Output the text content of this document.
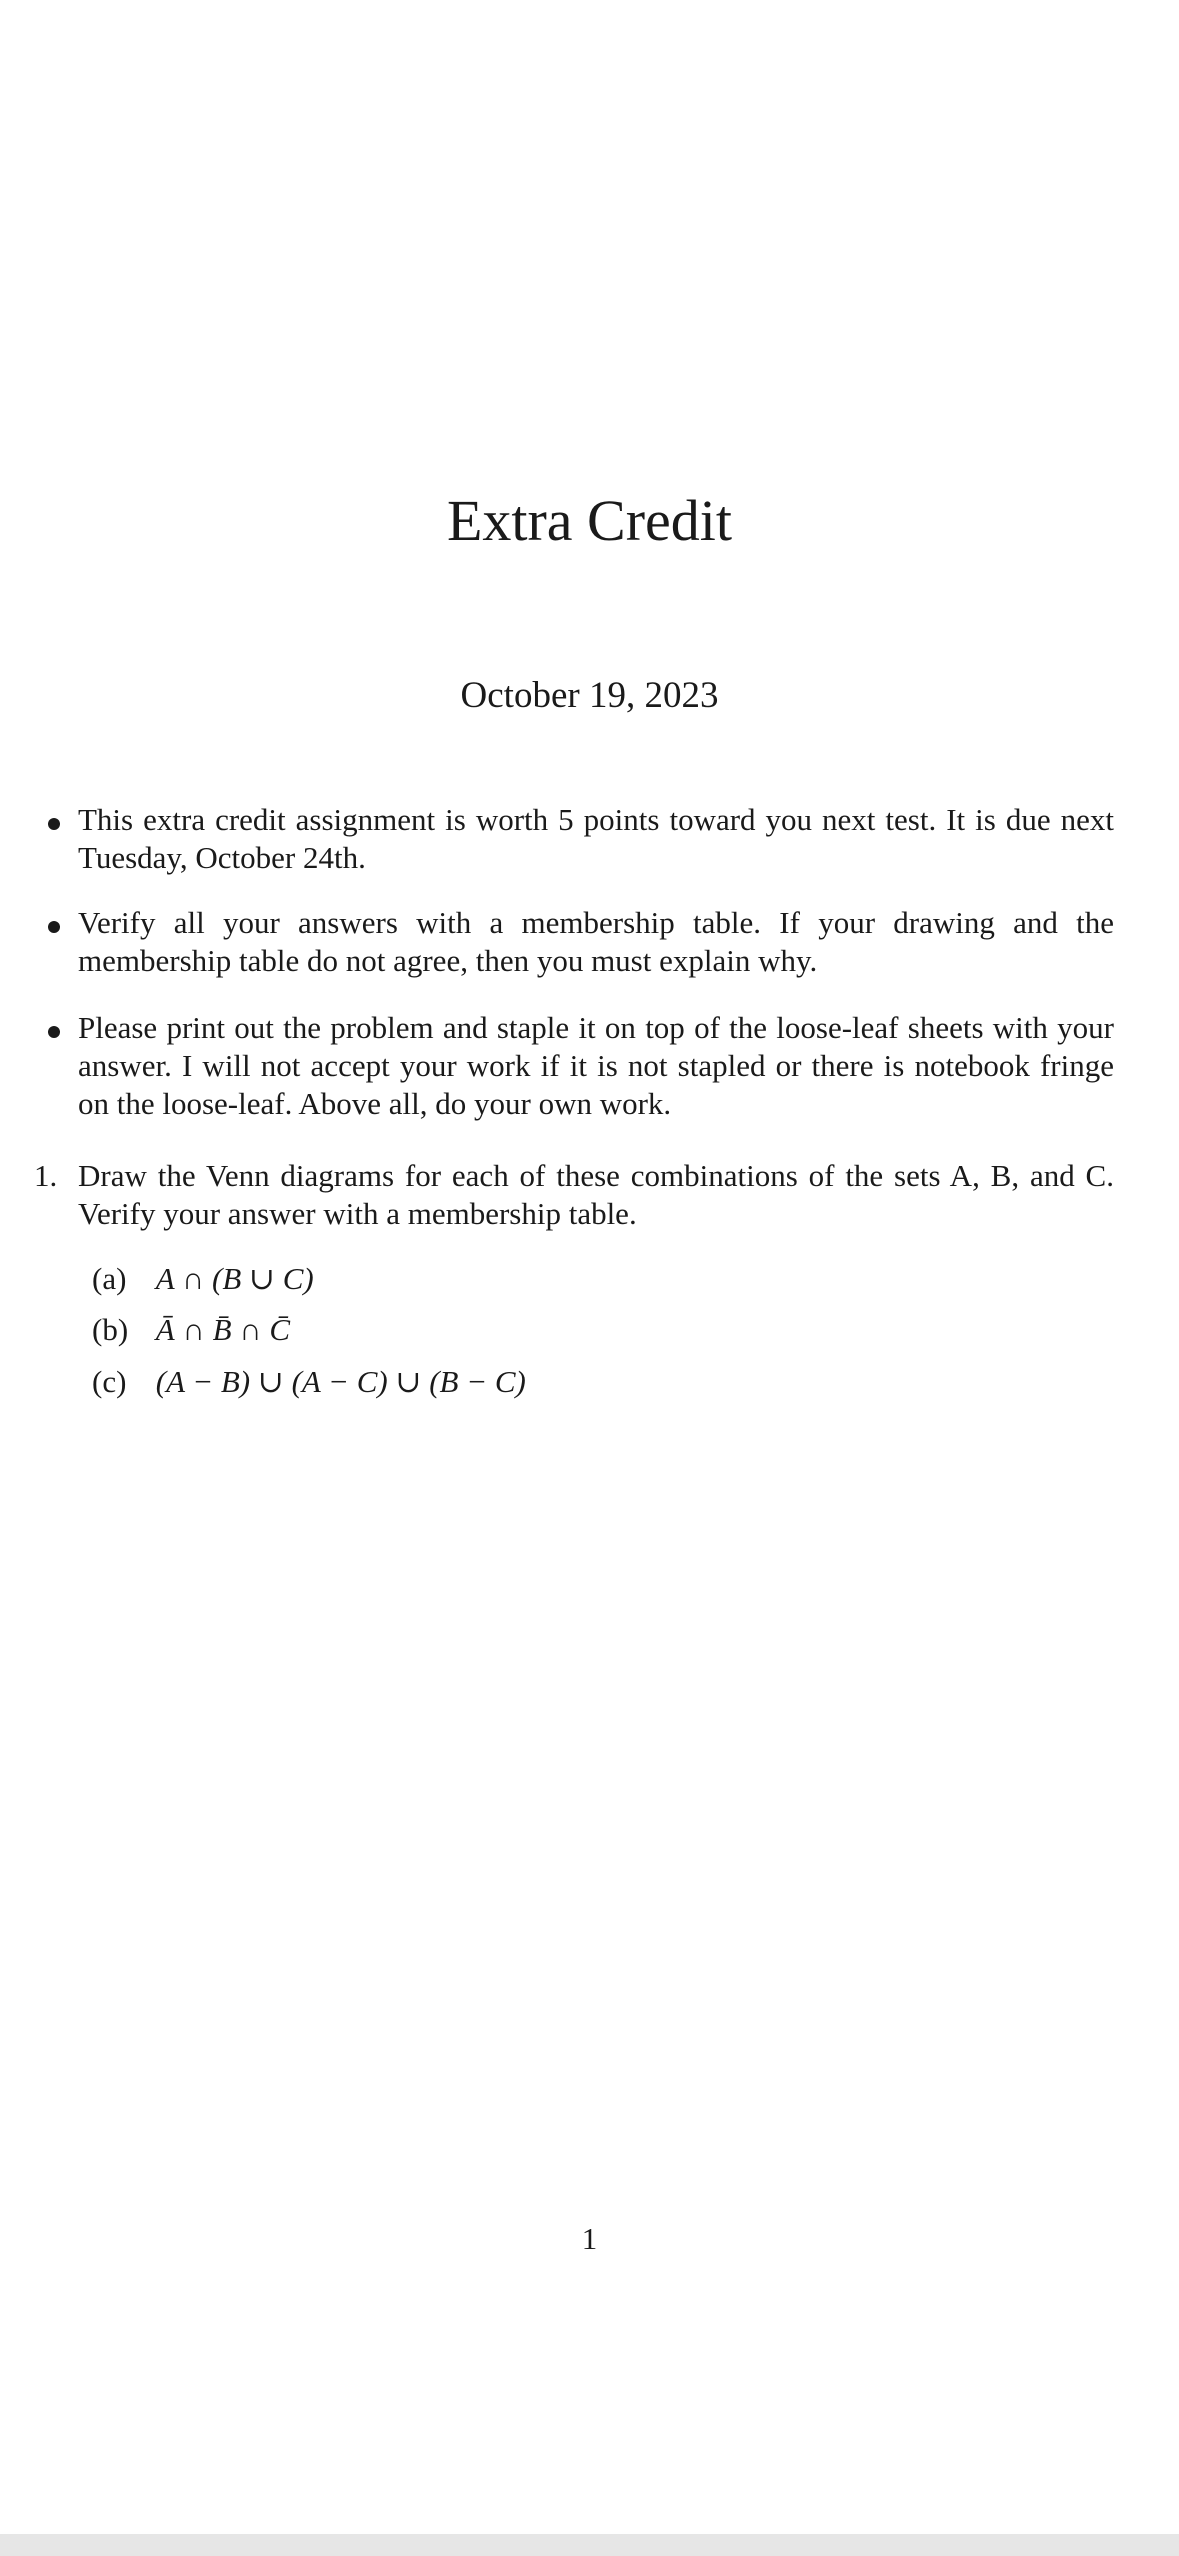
Extra Credit
October 19, 2023
This extra credit assignment is worth 5 points toward you next test. It is due next Tuesday, October 24th.
Verify all your answers with a membership table. If your drawing and the membership table do not agree, then you must explain why.
Please print out the problem and staple it on top of the loose-leaf sheets with your answer. I will not accept your work if it is not stapled or there is notebook fringe on the loose-leaf. Above all, do your own work.
1. Draw the Venn diagrams for each of these combinations of the sets A, B, and C. Verify your answer with a membership table.
(a) A ∩ (B ∪ C)
(b) Ā ∩ B̄ ∩ C̄
(c) (A − B) ∪ (A − C) ∪ (B − C)
1
